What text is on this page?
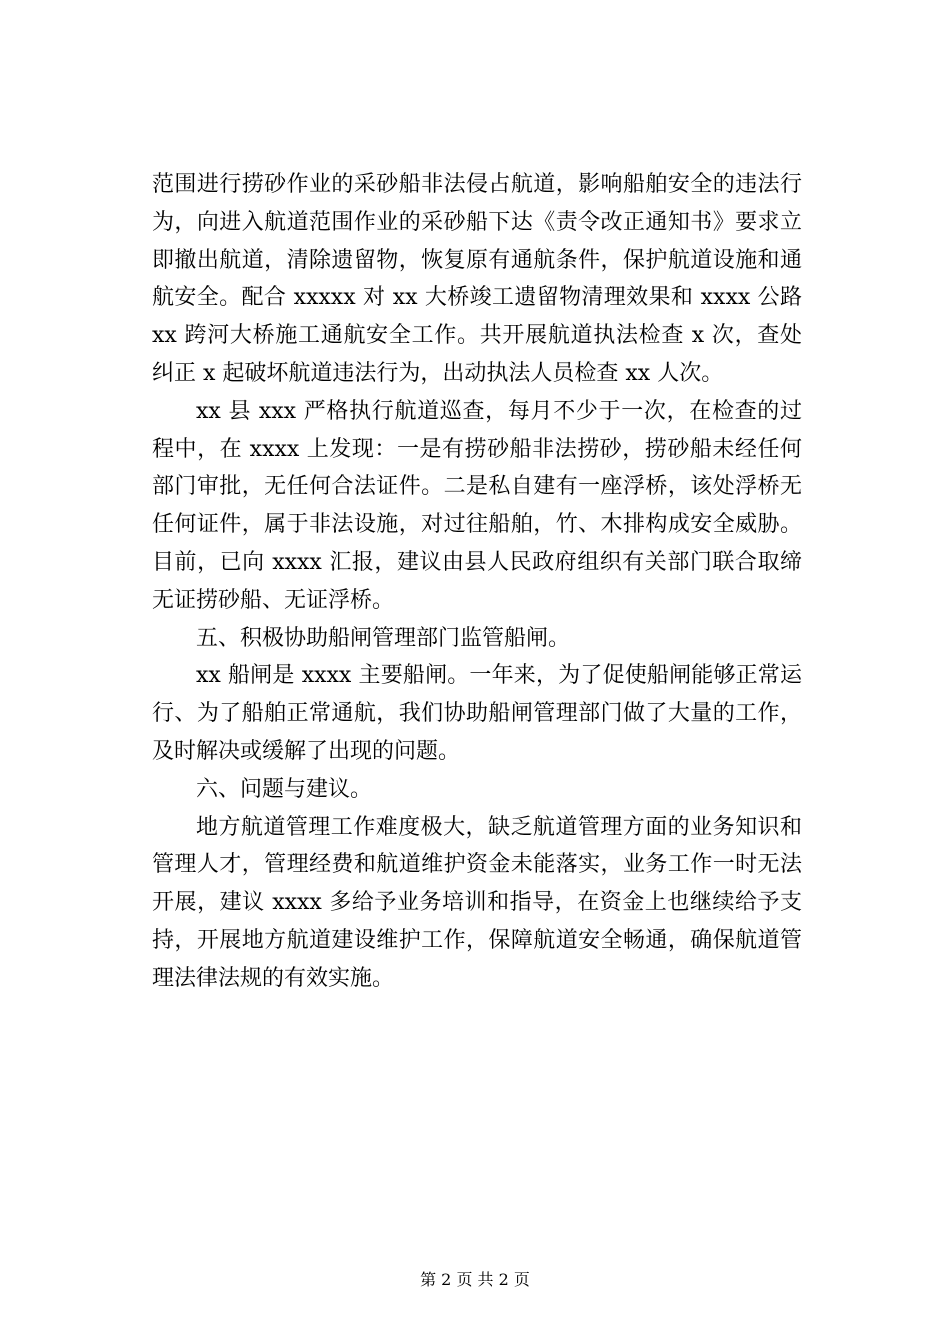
范围进行捞砂作业的采砂船非法侵占航道，影响船舶安全的违法行为，向进入航道范围作业的采砂船下达《责令改正通知书》要求立即撤出航道，清除遗留物，恢复原有通航条件，保护航道设施和通航安全。配合 xxxxx 对 xx 大桥竣工遗留物清理效果和 xxxx 公路 xx 跨河大桥施工通航安全工作。共开展航道执法检查 x 次，查处纠正 x 起破坏航道违法行为，出动执法人员检查 xx 人次。

xx 县 xxx 严格执行航道巡查，每月不少于一次，在检查的过程中，在 xxxx 上发现：一是有捞砂船非法捞砂，捞砂船未经任何部门审批，无任何合法证件。二是私自建有一座浮桥，该处浮桥无任何证件，属于非法设施，对过往船舶，竹、木排构成安全威胁。目前，已向 xxxx 汇报，建议由县人民政府组织有关部门联合取缔无证捞砂船、无证浮桥。

五、积极协助船闸管理部门监管船闸。

xx 船闸是 xxxx 主要船闸。一年来，为了促使船闸能够正常运行、为了船舶正常通航，我们协助船闸管理部门做了大量的工作，及时解决或缓解了出现的问题。

六、问题与建议。

地方航道管理工作难度极大，缺乏航道管理方面的业务知识和管理人才，管理经费和航道维护资金未能落实，业务工作一时无法开展，建议 xxxx 多给予业务培训和指导，在资金上也继续给予支持，开展地方航道建设维护工作，保障航道安全畅通，确保航道管理法律法规的有效实施。

第 2 页 共 2 页
